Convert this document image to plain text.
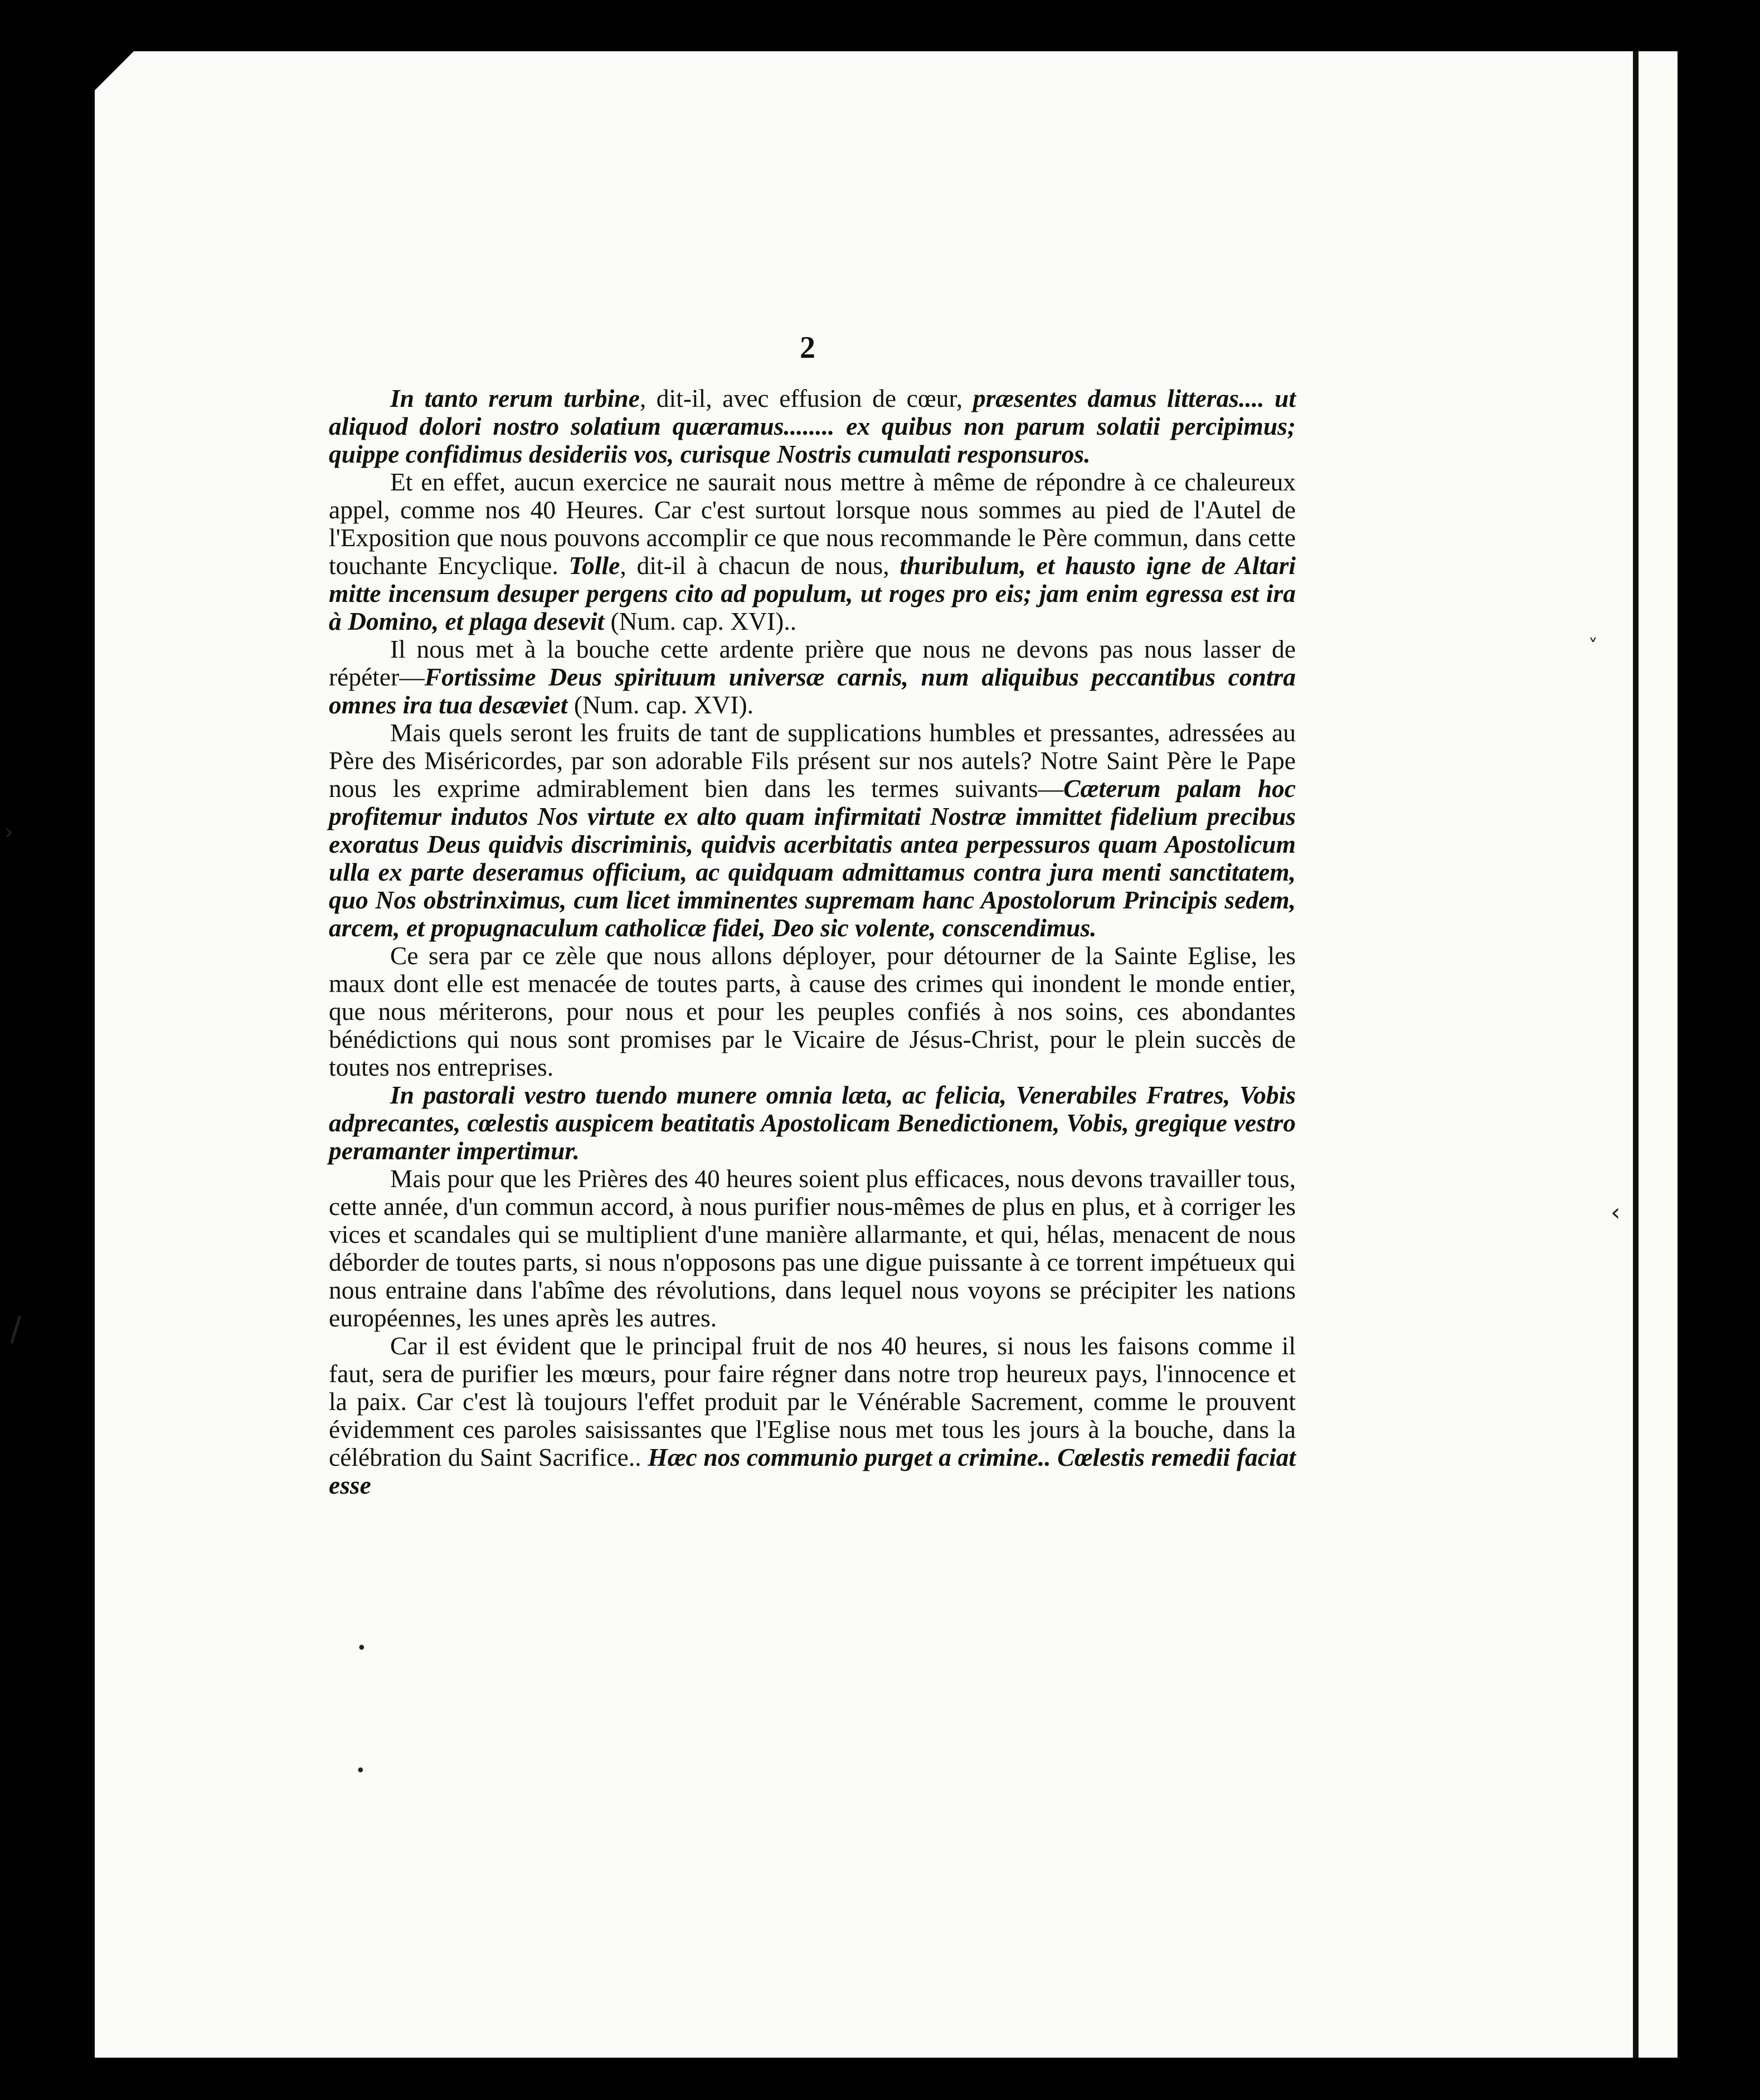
2

In tanto rerum turbine, dit-il, avec effusion de cœur, præsentes damus litteras.... ut aliquod dolori nostro solatium quæramus........ ex quibus non parum solatii percipimus; quippe confidimus desideriis vos, curisque Nostris cumulati responsuros.

Et en effet, aucun exercice ne saurait nous mettre à même de répondre à ce chaleureux appel, comme nos 40 Heures. Car c'est surtout lorsque nous sommes au pied de l'Autel de l'Exposition que nous pouvons accomplir ce que nous recommande le Père commun, dans cette touchante Encyclique. Tolle, dit-il à chacun de nous, thuribulum, et hausto igne de Altari mitte incensum desuper pergens cito ad populum, ut roges pro eis; jam enim egressa est ira à Domino, et plaga desevit (Num. cap. XVI)..

Il nous met à la bouche cette ardente prière que nous ne devons pas nous lasser de répéter—Fortissime Deus spirituum universæ carnis, num aliquibus peccantibus contra omnes ira tua desæviet (Num. cap. XVI).

Mais quels seront les fruits de tant de supplications humbles et pressantes, adressées au Père des Miséricordes, par son adorable Fils présent sur nos autels? Notre Saint Père le Pape nous les exprime admirablement bien dans les termes suivants—Cæterum palam hoc profitemur indutos Nos virtute ex alto quam infirmitati Nostræ immittet fidelium precibus exoratus Deus quidvis discriminis, quidvis acerbitatis antea perpessuros quam Apostolicum ulla ex parte deseramus officium, ac quidquam admittamus contra jura menti sanctitatem, quo Nos obstrinximus, cum licet imminentes supremam hanc Apostolorum Principis sedem, arcem, et propugnaculum catholicæ fidei, Deo sic volente, conscendimus.

Ce sera par ce zèle que nous allons déployer, pour détourner de la Sainte Eglise, les maux dont elle est menacée de toutes parts, à cause des crimes qui inondent le monde entier, que nous mériterons, pour nous et pour les peuples confiés à nos soins, ces abondantes bénédictions qui nous sont promises par le Vicaire de Jésus-Christ, pour le plein succès de toutes nos entreprises.

In pastorali vestro tuendo munere omnia læta, ac felicia, Venerabiles Fratres, Vobis adprecantes, cœlestis auspicem beatitatis Apostolicam Benedictionem, Vobis, gregique vestro peramanter impertimur.

Mais pour que les Prières des 40 heures soient plus efficaces, nous devons travailler tous, cette année, d'un commun accord, à nous purifier nous-mêmes de plus en plus, et à corriger les vices et scandales qui se multiplient d'une manière allarmante, et qui, hélas, menacent de nous déborder de toutes parts, si nous n'opposons pas une digue puissante à ce torrent impétueux qui nous entraine dans l'abîme des révolutions, dans lequel nous voyons se précipiter les nations européennes, les unes après les autres.

Car il est évident que le principal fruit de nos 40 heures, si nous les faisons comme il faut, sera de purifier les mœurs, pour faire régner dans notre trop heureux pays, l'innocence et la paix. Car c'est là toujours l'effet produit par le Vénérable Sacrement, comme le prouvent évidemment ces paroles saisissantes que l'Eglise nous met tous les jours à la bouche, dans la célébration du Saint Sacrifice.. Hæc nos communio purget a crimine.. Cœlestis remedii faciat esse

›
/
˅
‹
•
•
